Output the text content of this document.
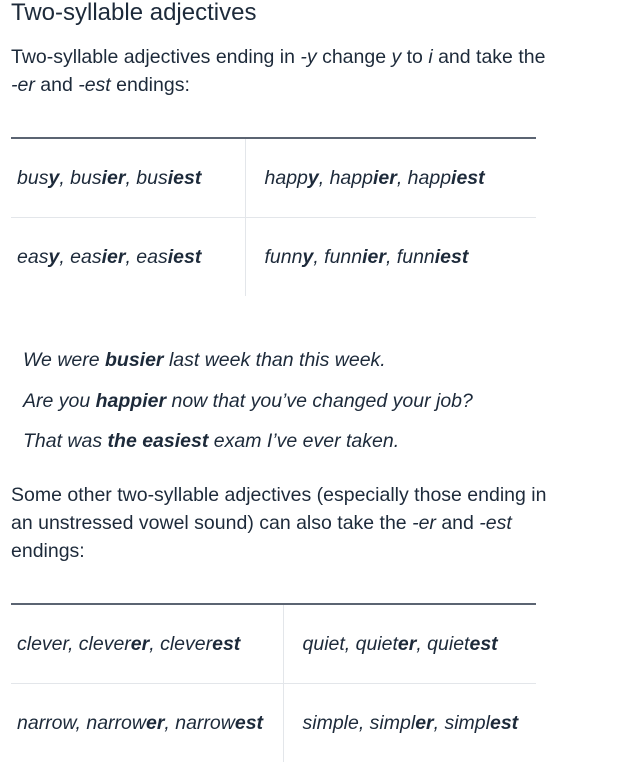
Two-syllable adjectives

Two-syllable adjectives ending in -y change y to i and take the -er and -est endings:

busy, busier, busiest	happy, happier, happiest
easy, easier, easiest	funny, funnier, funniest
We were busier last week than this week.
Are you happier now that you’ve changed your job?
That was the easiest exam I’ve ever taken.

Some other two-syllable adjectives (especially those ending in an unstressed vowel sound) can also take the -er and -est endings:

clever, cleverer, cleverest	quiet, quieter, quietest
narrow, narrower, narrowest	simple, simpler, simplest
